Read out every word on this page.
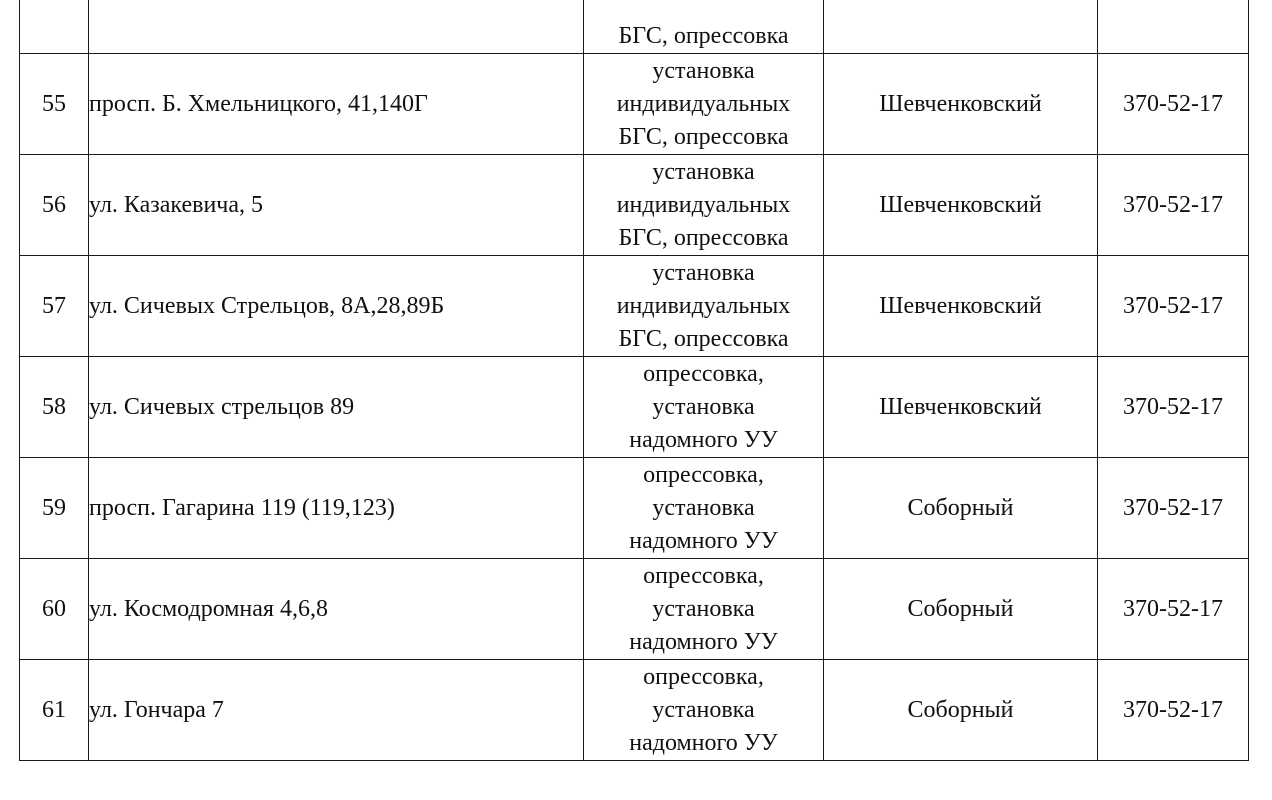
		БГС, опрессовка		

55	просп. Б. Хмельницкого, 41,140Г	установка
индивидуальных
БГС, опрессовка	Шевченковский	370-52-17
56	ул. Казакевича, 5	установка
индивидуальных
БГС, опрессовка	Шевченковский	370-52-17
57	ул. Сичевых Стрельцов, 8А,28,89Б	установка
индивидуальных
БГС, опрессовка	Шевченковский	370-52-17
58	ул. Сичевых стрельцов 89	опрессовка,
установка
надомного УУ	Шевченковский	370-52-17
59	просп. Гагарина 119 (119,123)	опрессовка,
установка
надомного УУ	Соборный	370-52-17
60	ул. Космодромная 4,6,8	опрессовка,
установка
надомного УУ	Соборный	370-52-17
61	ул. Гончара 7	опрессовка,
установка
надомного УУ	Соборный	370-52-17
